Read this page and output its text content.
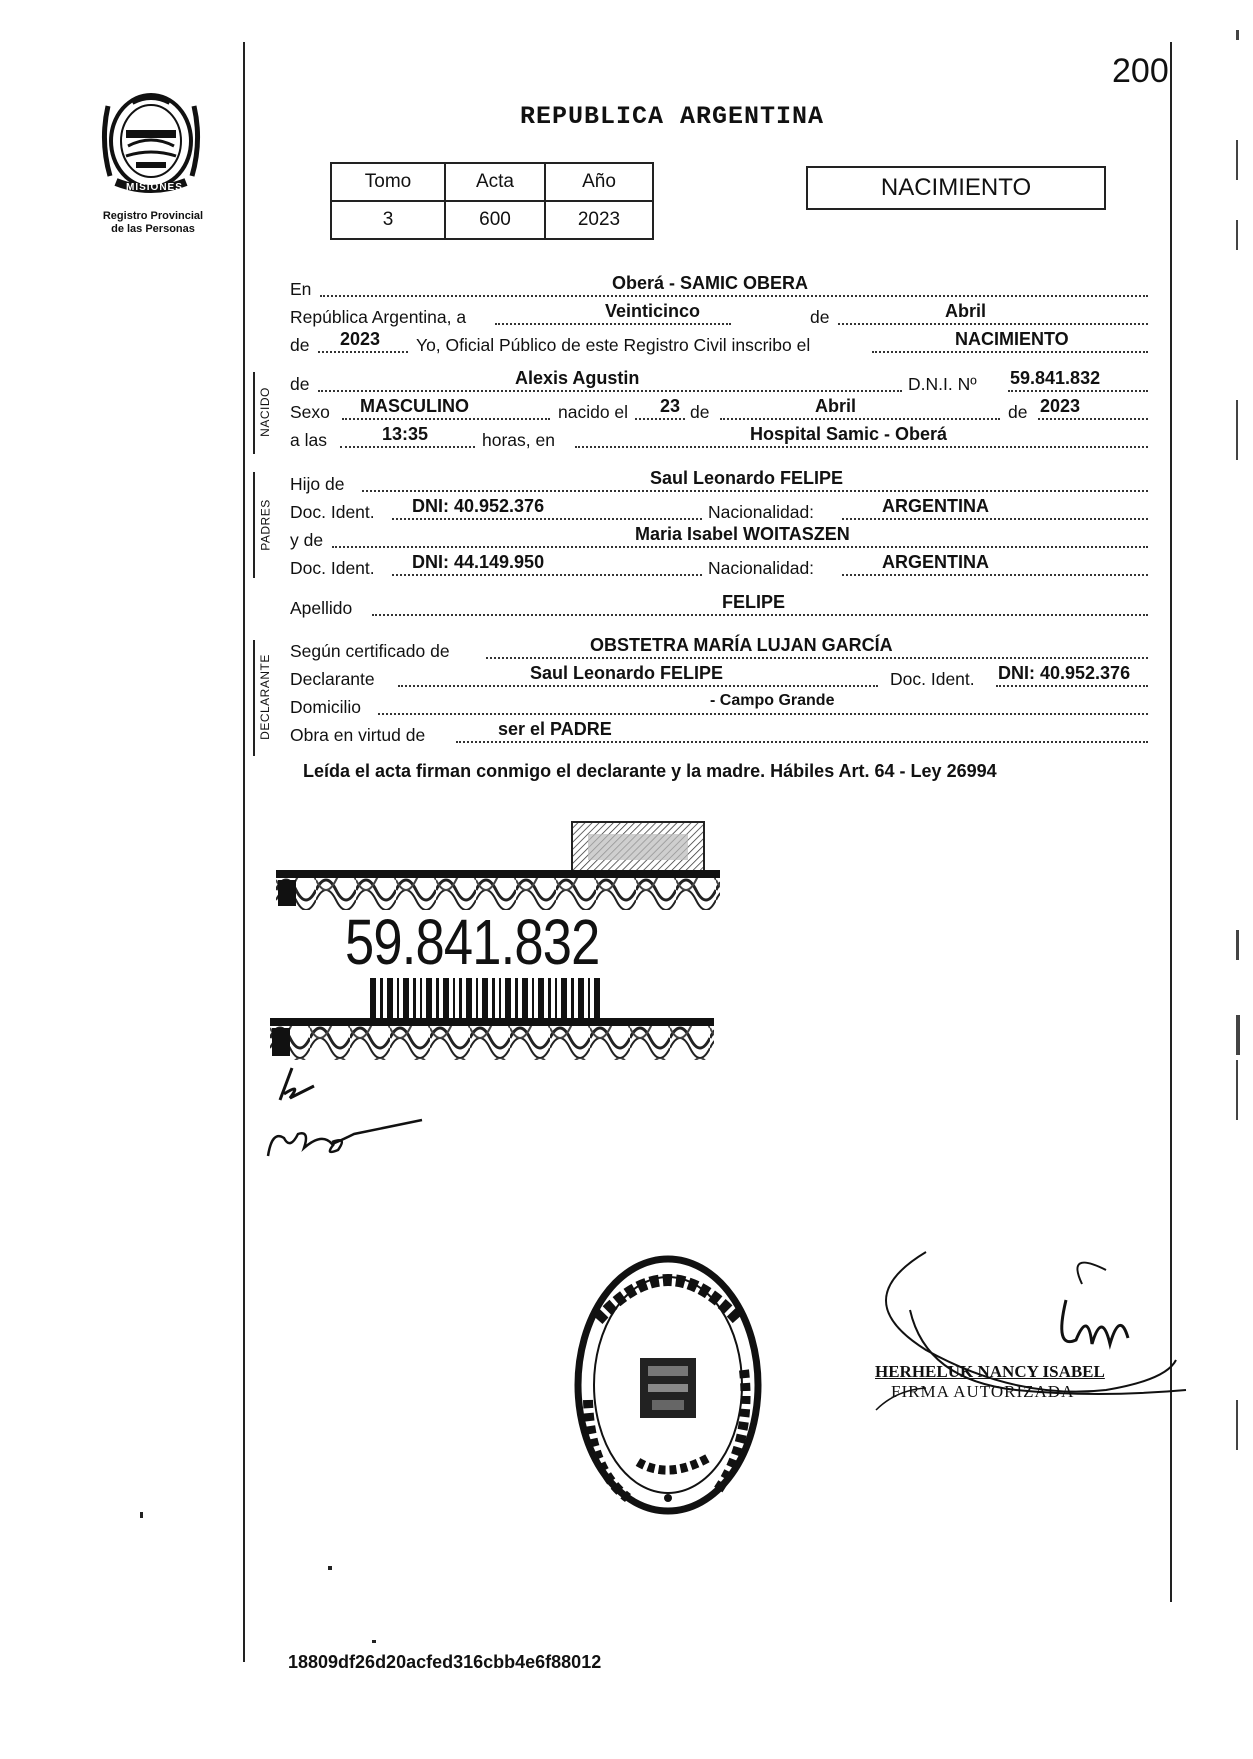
200
PROVINCIA
MISIONES
Registro Provincial
de las Personas
REPUBLICA ARGENTINA
Tomo	Acta	Año
3	600	2023
NACIMIENTO
NACIDO
PADRES
DECLARANTE
En	Oberá - SAMIC OBERA
República Argentina, a	Veinticinco	de	Abril
de 2023 Yo, Oficial Público de este Registro Civil inscribo el	NACIMIENTO
de	Alexis Agustin	D.N.I. Nº 59.841.832
Sexo MASCULINO	nacido el 23 de	Abril	de 2023
a las	13:35	horas, en	Hospital Samic - Oberá
Hijo de	Saul Leonardo FELIPE
Doc. Ident. DNI: 40.952.376	Nacionalidad:	ARGENTINA
y de	Maria Isabel WOITASZEN
Doc. Ident. DNI: 44.149.950	Nacionalidad:	ARGENTINA
Apellido	FELIPE
Según certificado de	OBSTETRA MARÍA LUJAN GARCÍA
Declarante	Saul Leonardo FELIPE	Doc. Ident. DNI: 40.952.376
Domicilio	- Campo Grande
Obra en virtud de	ser el PADRE
Leída el acta firman conmigo el declarante y la madre. Hábiles Art. 64 - Ley 26994
59.841.832
HERHELUK NANCY ISABEL
FIRMA AUTORIZADA
18809df26d20acfed316cbb4e6f88012
